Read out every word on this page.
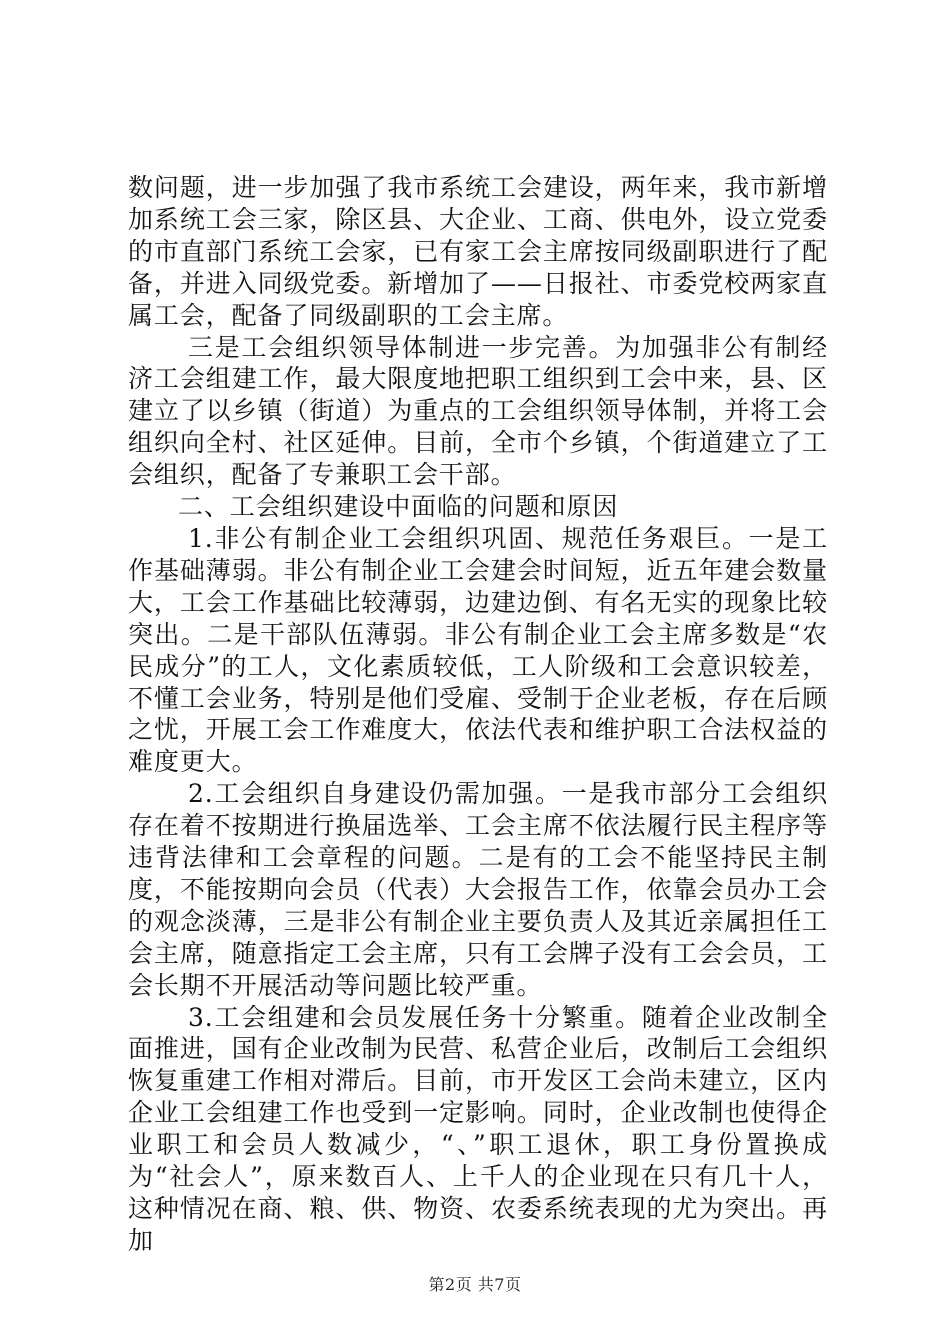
数问题，进一步加强了我市系统工会建设，两年来，我市新增加系统工会三家，除区县、大企业、工商、供电外，设立党委的市直部门系统工会家，已有家工会主席按同级副职进行了配备，并进入同级党委。新增加了——日报社、市委党校两家直属工会，配备了同级副职的工会主席。

三是工会组织领导体制进一步完善。为加强非公有制经济工会组建工作，最大限度地把职工组织到工会中来，县、区建立了以乡镇（街道）为重点的工会组织领导体制，并将工会组织向全村、社区延伸。目前，全市个乡镇，个街道建立了工会组织，配备了专兼职工会干部。

二、工会组织建设中面临的问题和原因

1.非公有制企业工会组织巩固、规范任务艰巨。一是工作基础薄弱。非公有制企业工会建会时间短，近五年建会数量大，工会工作基础比较薄弱，边建边倒、有名无实的现象比较突出。二是干部队伍薄弱。非公有制企业工会主席多数是“农民成分”的工人，文化素质较低，工人阶级和工会意识较差，不懂工会业务，特别是他们受雇、受制于企业老板，存在后顾之忧，开展工会工作难度大，依法代表和维护职工合法权益的难度更大。

2.工会组织自身建设仍需加强。一是我市部分工会组织存在着不按期进行换届选举、工会主席不依法履行民主程序等违背法律和工会章程的问题。二是有的工会不能坚持民主制度，不能按期向会员（代表）大会报告工作，依靠会员办工会的观念淡薄，三是非公有制企业主要负责人及其近亲属担任工会主席，随意指定工会主席，只有工会牌子没有工会会员，工会长期不开展活动等问题比较严重。

3.工会组建和会员发展任务十分繁重。随着企业改制全面推进，国有企业改制为民营、私营企业后，改制后工会组织恢复重建工作相对滞后。目前，市开发区工会尚未建立，区内企业工会组建工作也受到一定影响。同时，企业改制也使得企业职工和会员人数减少，“、”职工退休，职工身份置换成为“社会人”，原来数百人、上千人的企业现在只有几十人，这种情况在商、粮、供、物资、农委系统表现的尤为突出。再加

第2页 共7页
